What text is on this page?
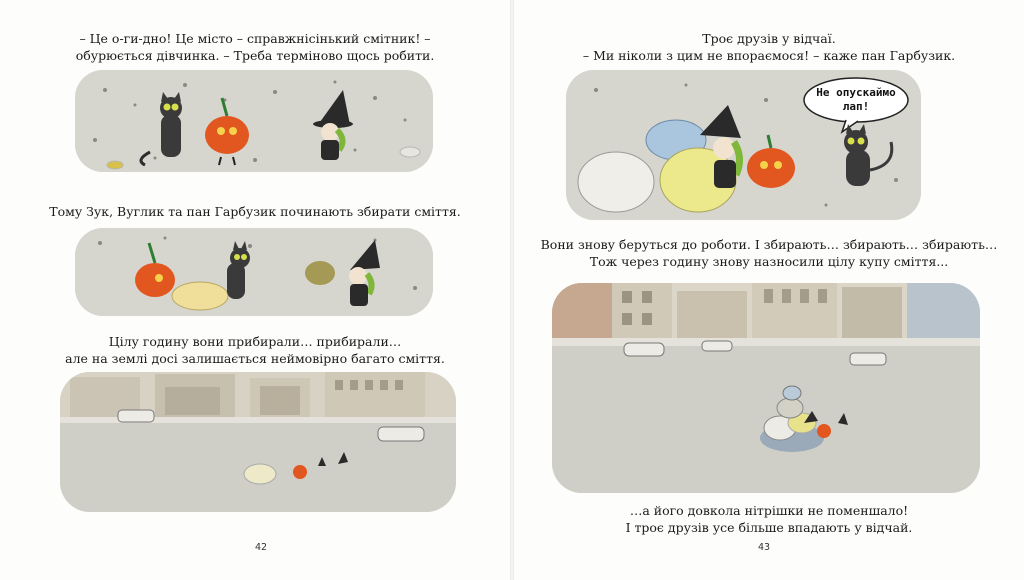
– Це о-ги-дно! Це місто – справжнісінький смітник! –
обурюється дівчинка. – Треба терміново щось робити.
Тому Зук, Вуглик та пан Гарбузик починають збирати сміття.
Цілу годину вони прибирали… прибирали…
але на землі досі залишається неймовірно багато сміття.
42
Троє друзів у відчаї.
– Ми ніколи з цим не впораємося! – каже пан Гарбузик.
Не опускаймо
лап!
Вони знову беруться до роботи. І збирають… збирають… збирають…
Тож через годину знову назносили цілу купу сміття...
…а його довкола нітрішки не поменшало!
І троє друзів усе більше впадають у відчай.
43
